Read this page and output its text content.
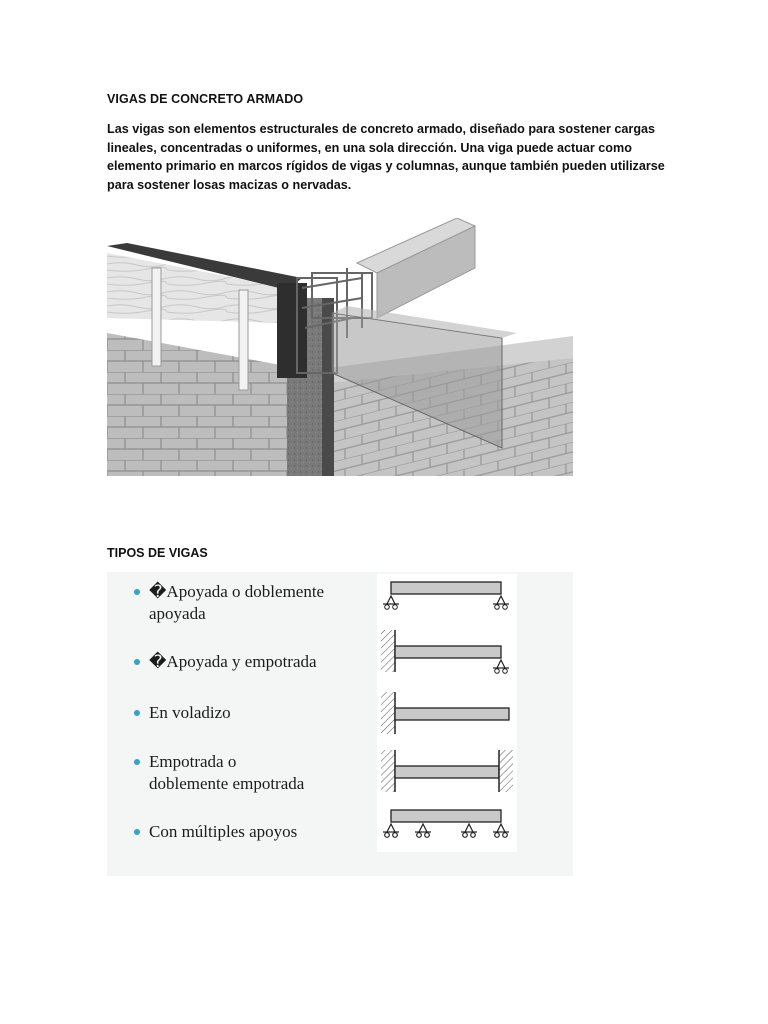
VIGAS DE CONCRETO ARMADO
Las vigas son elementos estructurales de concreto armado, diseñado para sostener cargas
lineales, concentradas o uniformes, en una sola dirección. Una viga puede actuar como
elemento primario en marcos rígidos de vigas y columnas, aunque también pueden utilizarse
para sostener losas macizas o nervadas.
TIPOS DE VIGAS
�Apoyada o doblemente
apoyada
�Apoyada y empotrada
En voladizo
Empotrada o
doblemente empotrada
Con múltiples apoyos
